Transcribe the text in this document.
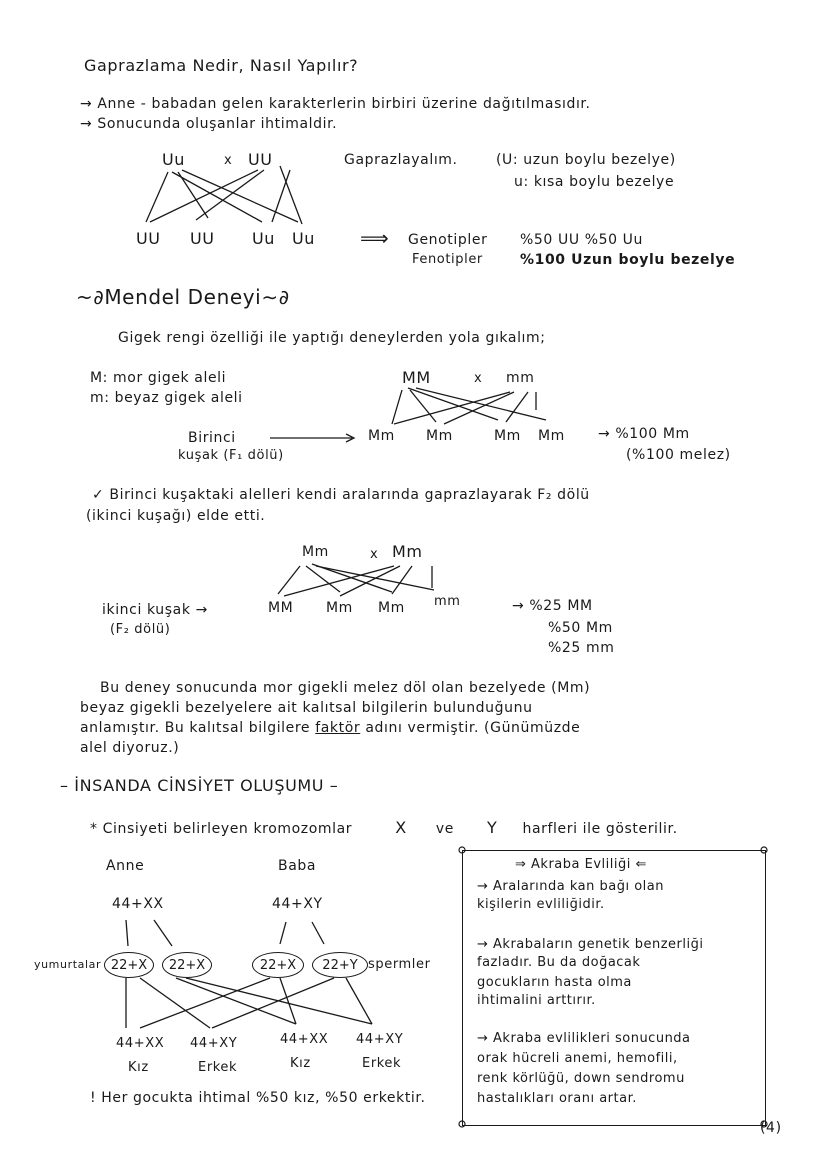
Gaprazlama Nedir, Nasıl Yapılır?
→ Anne - babadan gelen karakterlerin birbiri üzerine dağıtılmasıdır.
→ Sonucunda oluşanlar ihtimaldir.
Uu	x UU	Gaprazlayalım.	(U: uzun boylu bezelye)
u: kısa boylu bezelye
UU UU Uu Uu ⟹ Genotipler %50 UU %50 Uu
Fenotipler	%100 Uzun boylu bezelye
~∂Mendel Deneyi∼∂
Gigek rengi özelliği ile yaptığı deneylerden yola gıkalım;
M: mor gigek aleli
m: beyaz gigek aleli
MM	x mm
Birinci
kuşak (F₁ dölü)
Mm Mm	Mm Mm → %100 Mm
(%100 melez)
✓ Birinci kuşaktaki alelleri kendi aralarında gaprazlayarak F₂ dölü
(ikinci kuşağı) elde etti.
Mm	x Mm
ikinci kuşak →
(F₂ dölü)
MM Mm Mm mm	→ %25 MM
%50 Mm
%25 mm
Bu deney sonucunda mor gigekli melez döl olan bezelyede (Mm)
beyaz gigekli bezelyelere ait kalıtsal bilgilerin bulunduğunu
anlamıştır. Bu kalıtsal bilgilere faktör adını vermiştir. (Günümüzde
alel diyoruz.)
– İNSANDA CİNSİYET OLUŞUMU –
* Cinsiyeti belirleyen kromozomlar	X ve Y harfleri ile gösterilir.
Anne	Baba
44+XX	44+XY
yumurtalar 22+X	22+X	22+X	22+Y spermler
44+XX 44+XY	44+XX 44+XY
Kız	Erkek	Kız	Erkek
! Her gocukta ihtimal %50 kız, %50 erkektir.
⇒ Akraba Evliliği ⇐
→ Aralarında kan bağı olan
kişilerin evliliğidir.
→ Akrabaların genetik benzerliği
fazladır. Bu da doğacak
gocukların hasta olma
ihtimalini arttırır.
→ Akraba evlilikleri sonucunda
orak hücreli anemi, hemofili,
renk körlüğü, down sendromu
hastalıkları oranı artar.
(4)
